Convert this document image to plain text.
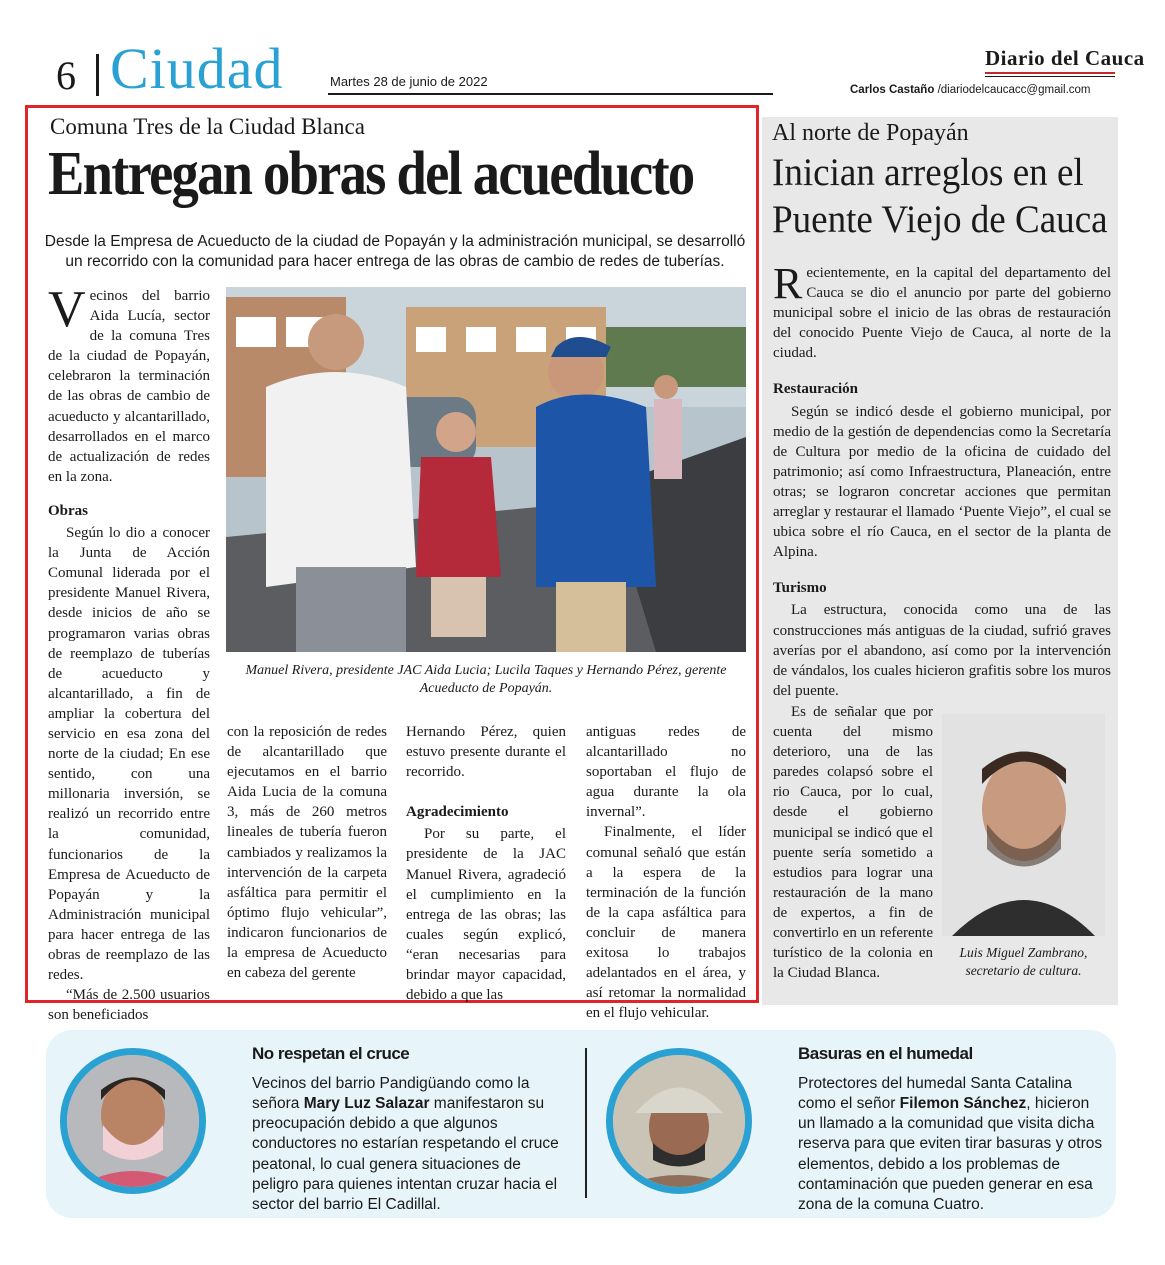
6 Ciudad	Martes 28 de junio de 2022
Diario del Cauca
Carlos Castaño /diariodelcaucacc@gmail.com
Comuna Tres de la Ciudad Blanca
Entregan obras del acueducto
Desde la Empresa de Acueducto de la ciudad de Popayán y la administración municipal, se desarrolló un recorrido con la comunidad para hacer entrega de las obras de cambio de redes de tuberías.

Vecinos del barrio Aida Lucía, sector de la comuna Tres de la ciudad de Popayán, celebraron la terminación de las obras de cambio de acueducto y alcantarillado, desarrollados en el marco de actualización de redes en la zona.

Obras

Según lo dio a conocer la Junta de Acción Comunal liderada por el presidente Manuel Rivera, desde inicios de año se programaron varias obras de reemplazo de tuberías de acueducto y alcantarillado, a fin de ampliar la cobertura del servicio en esa zona del norte de la ciudad; En ese sentido, con una millonaria inversión, se realizó un recorrido entre la comunidad, funcionarios de la Empresa de Acueducto de Popayán y la Administración municipal para hacer entrega de las obras de reemplazo de las redes.

“Más de 2.500 usuarios son beneficiados

Manuel Rivera, presidente JAC Aida Lucia; Lucila Taques y Hernando Pérez, gerente Acueducto de Popayán.

con la reposición de redes de alcantarillado que ejecutamos en el barrio Aida Lucia de la comuna 3, más de 260 metros lineales de tubería fueron cambiados y realizamos la intervención de la carpeta asfáltica para permitir el óptimo flujo vehicular”, indicaron funcionarios de la empresa de Acueducto en cabeza del gerente

Hernando Pérez, quien estuvo presente durante el recorrido.

Agradecimiento

Por su parte, el presidente de la JAC Manuel Rivera, agradeció el cumplimiento en la entrega de las obras; las cuales según explicó, “eran necesarias para brindar mayor capacidad, debido a que las

antiguas redes de alcantarillado no soportaban el flujo de agua durante la ola invernal”.

Finalmente, el líder comunal señaló que están a la espera de la terminación de la función de la capa asfáltica para concluir de manera exitosa lo trabajos adelantados en el área, y así retomar la normalidad en el flujo vehicular.

Al norte de Popayán
Inician arreglos en el
Puente Viejo de Cauca

Recientemente, en la capital del departamento del Cauca se dio el anuncio por parte del gobierno municipal sobre el inicio de las obras de restauración del conocido Puente Viejo de Cauca, al norte de la ciudad.

Restauración

Según se indicó desde el gobierno municipal, por medio de la gestión de dependencias como la Secretaría de Cultura por medio de la oficina de cuidado del patrimonio; así como Infraestructura, Planeación, entre otras; se lograron concretar acciones que permitan arreglar y restaurar el llamado ‘Puente Viejo”, el cual se ubica sobre el río Cauca, en el sector de la planta de Alpina.

Turismo

La estructura, conocida como una de las construcciones más antiguas de la ciudad, sufrió graves averías por el abandono, así como por la intervención de vándalos, los cuales hicieron grafitis sobre los muros del puente.

Es de señalar que por cuenta del mismo deterioro, una de las paredes colapsó sobre el rio Cauca, por lo cual, desde el gobierno municipal se indicó que el puente sería sometido a estudios para lograr una restauración de la mano de expertos, a fin de convertirlo en un referente turístico de la colonia en la Ciudad Blanca.

Luis Miguel Zambrano, secretario de cultura.
No respetan el cruce
Vecinos del barrio Pandigüando como la señora Mary Luz Salazar manifestaron su preocupación debido a que algunos conductores no estarían respetando el cruce peatonal, lo cual genera situaciones de peligro para quienes intentan cruzar hacia el sector del barrio El Cadillal.
Basuras en el humedal
Protectores del humedal Santa Catalina como el señor Filemon Sánchez, hicieron un llamado a la comunidad que visita dicha reserva para que eviten tirar basuras y otros elementos, debido a los problemas de contaminación que pueden generar en esa zona de la comuna Cuatro.
